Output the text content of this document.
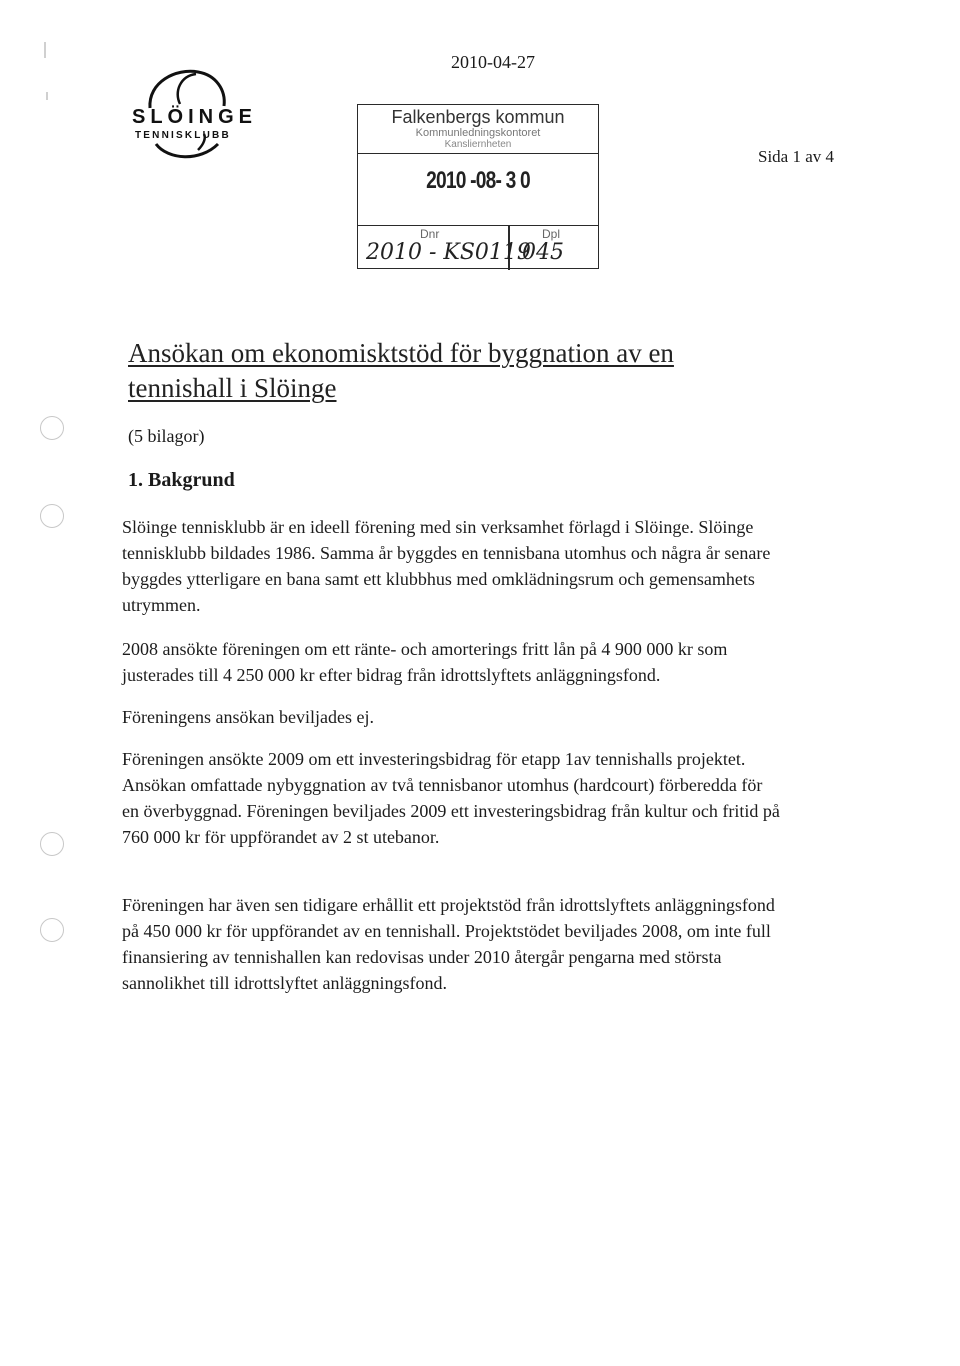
SLÖINGE
TENNISKLUBB
2010-04-27
Sida 1 av 4
Falkenbergs kommun
Kommunledningskontoret
Kansliernheten
2010 -08- 3 0
Dnr	Dpl
2010 - KS0119
045
Ansökan om ekonomisktstöd för byggnation av en tennishall i Slöinge
(5 bilagor)
1. Bakgrund
Slöinge tennisklubb är en ideell förening med sin verksamhet förlagd i Slöinge. Slöinge tennisklubb bildades 1986. Samma år byggdes en tennisbana utomhus och några år senare byggdes ytterligare en bana samt ett klubbhus med omklädningsrum och gemensamhets utrymmen.
2008 ansökte föreningen om ett ränte- och amorterings fritt lån på 4 900 000 kr som justerades till 4 250 000 kr efter bidrag från idrottslyftets anläggningsfond.
Föreningens ansökan beviljades ej.
Föreningen ansökte 2009 om ett investeringsbidrag för etapp 1av tennishalls projektet. Ansökan omfattade nybyggnation av två tennisbanor utomhus (hardcourt) förberedda för en överbyggnad. Föreningen beviljades 2009 ett investeringsbidrag från kultur och fritid på 760 000 kr för uppförandet av 2 st utebanor.
Föreningen har även sen tidigare erhållit ett projektstöd från idrottslyftets anläggningsfond på 450 000 kr för uppförandet av en tennishall. Projektstödet beviljades 2008, om inte full finansiering av tennishallen kan redovisas under 2010 återgår pengarna med största sannolikhet till idrottslyftet anläggningsfond.
